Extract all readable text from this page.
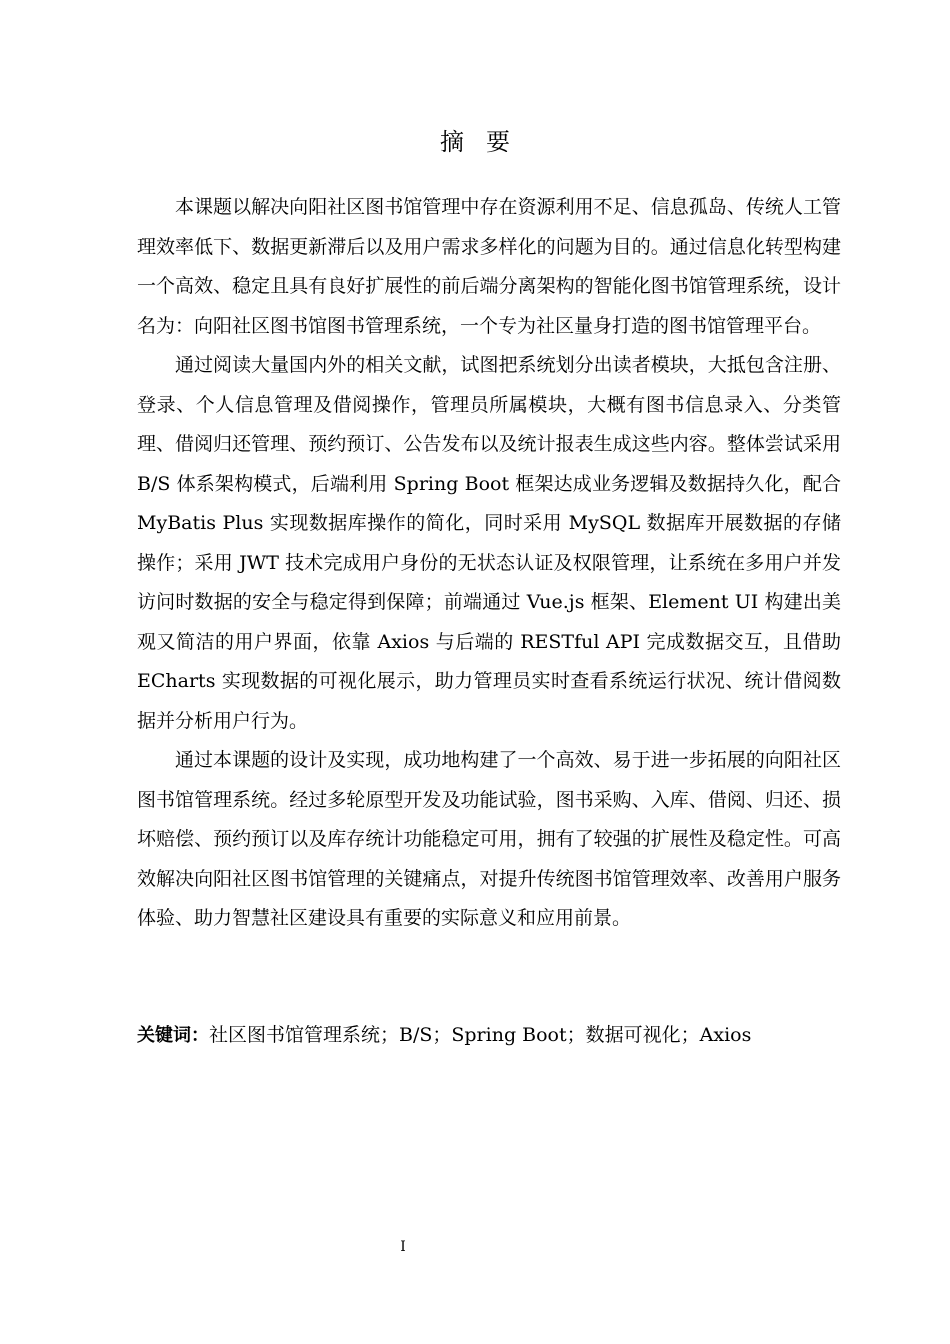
摘 要

本课题以解决向阳社区图书馆管理中存在资源利用不足、信息孤岛、传统人工管理效率低下、数据更新滞后以及用户需求多样化的问题为目的。通过信息化转型构建一个高效、稳定且具有良好扩展性的前后端分离架构的智能化图书馆管理系统，设计名为：向阳社区图书馆图书管理系统，一个专为社区量身打造的图书馆管理平台。

通过阅读大量国内外的相关文献，试图把系统划分出读者模块，大抵包含注册、登录、个人信息管理及借阅操作，管理员所属模块，大概有图书信息录入、分类管理、借阅归还管理、预约预订、公告发布以及统计报表生成这些内容。整体尝试采用 B/S 体系架构模式，后端利用 Spring Boot 框架达成业务逻辑及数据持久化，配合 MyBatis Plus 实现数据库操作的简化，同时采用 MySQL 数据库开展数据的存储操作；采用 JWT 技术完成用户身份的无状态认证及权限管理，让系统在多用户并发访问时数据的安全与稳定得到保障；前端通过 Vue.js 框架、Element UI 构建出美观又简洁的用户界面，依靠 Axios 与后端的 RESTful API 完成数据交互，且借助 ECharts 实现数据的可视化展示，助力管理员实时查看系统运行状况、统计借阅数据并分析用户行为。

通过本课题的设计及实现，成功地构建了一个高效、易于进一步拓展的向阳社区图书馆管理系统。经过多轮原型开发及功能试验，图书采购、入库、借阅、归还、损坏赔偿、预约预订以及库存统计功能稳定可用，拥有了较强的扩展性及稳定性。可高效解决向阳社区图书馆管理的关键痛点，对提升传统图书馆管理效率、改善用户服务体验、助力智慧社区建设具有重要的实际意义和应用前景。

关键词：社区图书馆管理系统；B/S；Spring Boot；数据可视化；Axios
I
